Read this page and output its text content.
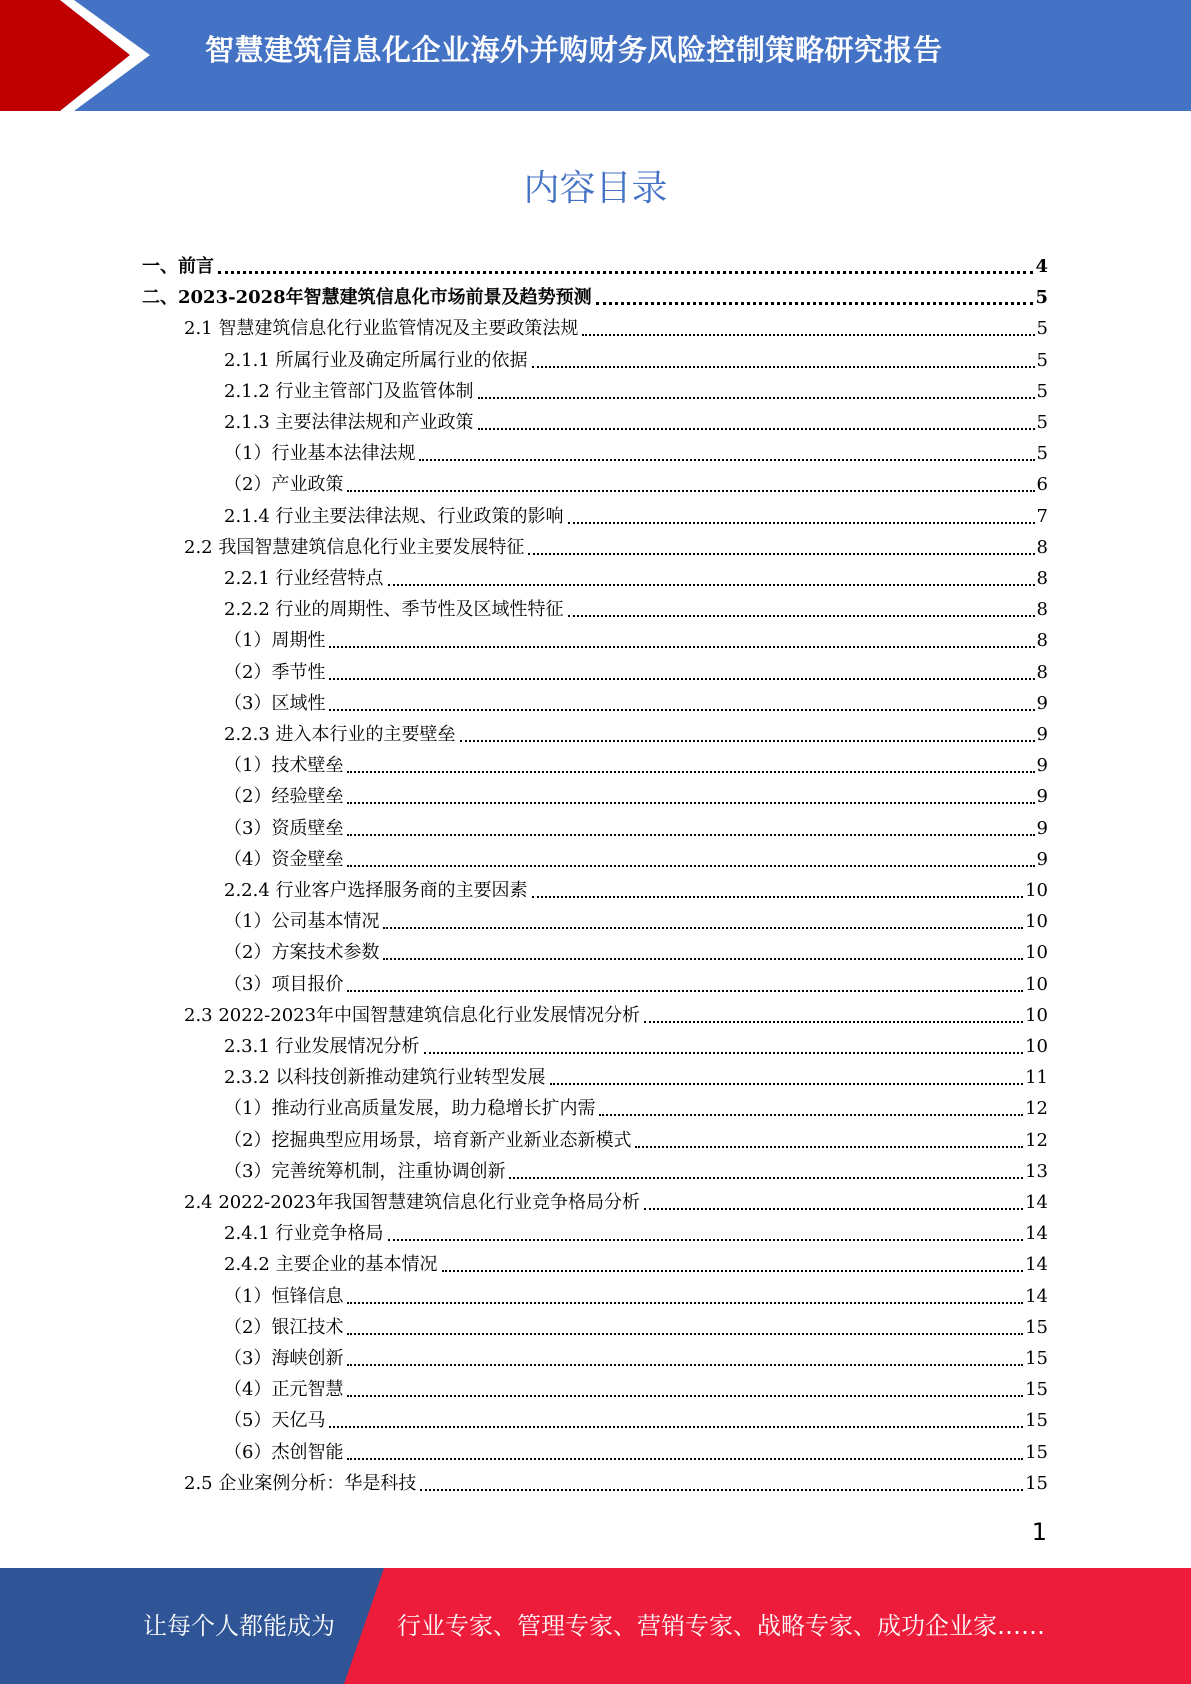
智慧建筑信息化企业海外并购财务风险控制策略研究报告
内容目录
一、前言	4
二、2023-2028年智慧建筑信息化市场前景及趋势预测	5
2.1 智慧建筑信息化行业监管情况及主要政策法规	5
2.1.1 所属行业及确定所属行业的依据	5
2.1.2 行业主管部门及监管体制	5
2.1.3 主要法律法规和产业政策	5
（1）行业基本法律法规	5
（2）产业政策	6
2.1.4 行业主要法律法规、行业政策的影响	7
2.2 我国智慧建筑信息化行业主要发展特征	8
2.2.1 行业经营特点	8
2.2.2 行业的周期性、季节性及区域性特征	8
（1）周期性	8
（2）季节性	8
（3）区域性	9
2.2.3 进入本行业的主要壁垒	9
（1）技术壁垒	9
（2）经验壁垒	9
（3）资质壁垒	9
（4）资金壁垒	9
2.2.4 行业客户选择服务商的主要因素	10
（1）公司基本情况	10
（2）方案技术参数	10
（3）项目报价	10
2.3 2022-2023年中国智慧建筑信息化行业发展情况分析	10
2.3.1 行业发展情况分析	10
2.3.2 以科技创新推动建筑行业转型发展	11
（1）推动行业高质量发展，助力稳增长扩内需	12
（2）挖掘典型应用场景，培育新产业新业态新模式	12
（3）完善统筹机制，注重协调创新	13
2.4 2022-2023年我国智慧建筑信息化行业竞争格局分析	14
2.4.1 行业竞争格局	14
2.4.2 主要企业的基本情况	14
（1）恒锋信息	14
（2）银江技术	15
（3）海峡创新	15
（4）正元智慧	15
（5）天亿马	15
（6）杰创智能	15
2.5 企业案例分析：华是科技	15
1
让每个人都能成为	行业专家、管理专家、营销专家、战略专家、成功企业家……
